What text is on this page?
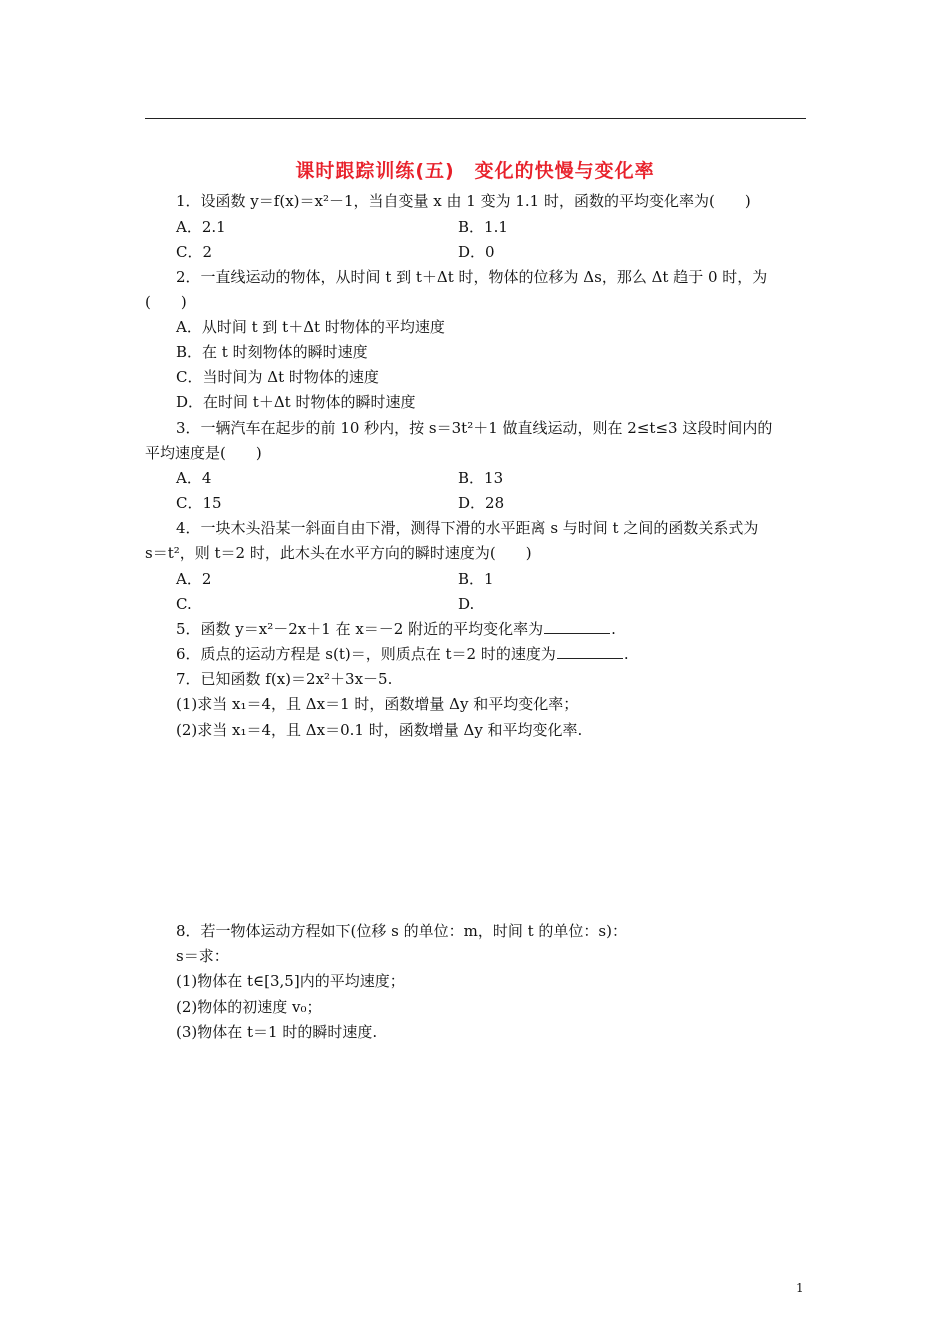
课时跟踪训练(五)　变化的快慢与变化率
1．设函数 y＝f(x)＝x²－1，当自变量 x 由 1 变为 1.1 时，函数的平均变化率为(　　)
A．2.1	B．1.1
C．2	D．0
2．一直线运动的物体，从时间 t 到 t＋Δt 时，物体的位移为 Δs，那么 Δt 趋于 0 时，为
(　　)
A．从时间 t 到 t＋Δt 时物体的平均速度
B．在 t 时刻物体的瞬时速度
C．当时间为 Δt 时物体的速度
D．在时间 t＋Δt 时物体的瞬时速度
3．一辆汽车在起步的前 10 秒内，按 s＝3t²＋1 做直线运动，则在 2≤t≤3 这段时间内的
平均速度是(　　)
A．4	B．13
C．15	D．28
4．一块木头沿某一斜面自由下滑，测得下滑的水平距离 s 与时间 t 之间的函数关系式为
s＝t²，则 t＝2 时，此木头在水平方向的瞬时速度为(　　)
A．2	B．1
C.	D.
5．函数 y＝x²－2x＋1 在 x＝－2 附近的平均变化率为	.
6．质点的运动方程是 s(t)＝，则质点在 t＝2 时的速度为	.
7．已知函数 f(x)＝2x²＋3x－5.
(1)求当 x₁＝4，且 Δx＝1 时，函数增量 Δy 和平均变化率；
(2)求当 x₁＝4，且 Δx＝0.1 时，函数增量 Δy 和平均变化率.
8．若一物体运动方程如下(位移 s 的单位：m，时间 t 的单位：s)：
s＝求：
(1)物体在 t∈[3,5]内的平均速度；
(2)物体的初速度 v₀；
(3)物体在 t＝1 时的瞬时速度.
1
